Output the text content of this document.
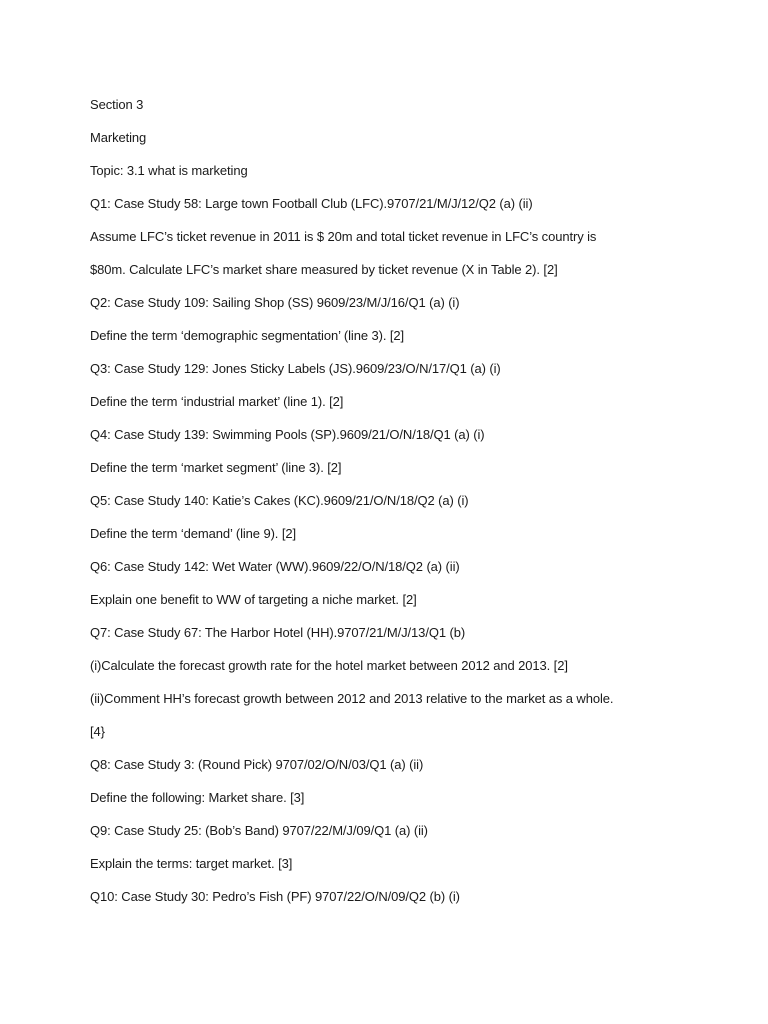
Section 3
Marketing
Topic: 3.1 what is marketing
Q1: Case Study 58: Large town Football Club (LFC).9707/21/M/J/12/Q2 (a) (ii)
Assume LFC’s ticket revenue in 2011 is $ 20m and total ticket revenue in LFC’s country is
$80m. Calculate LFC’s market share measured by ticket revenue (X in Table 2). [2]
Q2: Case Study 109: Sailing Shop (SS) 9609/23/M/J/16/Q1 (a) (i)
Define the term ‘demographic segmentation’ (line 3). [2]
Q3: Case Study 129: Jones Sticky Labels (JS).9609/23/O/N/17/Q1 (a) (i)
Define the term ‘industrial market’ (line 1). [2]
Q4: Case Study 139: Swimming Pools (SP).9609/21/O/N/18/Q1 (a) (i)
Define the term ‘market segment’ (line 3). [2]
Q5: Case Study 140: Katie’s Cakes (KC).9609/21/O/N/18/Q2 (a) (i)
Define the term ‘demand’ (line 9). [2]
Q6: Case Study 142: Wet Water (WW).9609/22/O/N/18/Q2 (a) (ii)
Explain one benefit to WW of targeting a niche market. [2]
Q7: Case Study 67: The Harbor Hotel (HH).9707/21/M/J/13/Q1 (b)
(i)Calculate the forecast growth rate for the hotel market between 2012 and 2013. [2]
(ii)Comment HH’s forecast growth between 2012 and 2013 relative to the market as a whole.
[4}
Q8: Case Study 3: (Round Pick) 9707/02/O/N/03/Q1 (a) (ii)
Define the following: Market share. [3]
Q9: Case Study 25: (Bob’s Band) 9707/22/M/J/09/Q1 (a) (ii)
Explain the terms: target market. [3]
Q10: Case Study 30: Pedro’s Fish (PF) 9707/22/O/N/09/Q2 (b) (i)
